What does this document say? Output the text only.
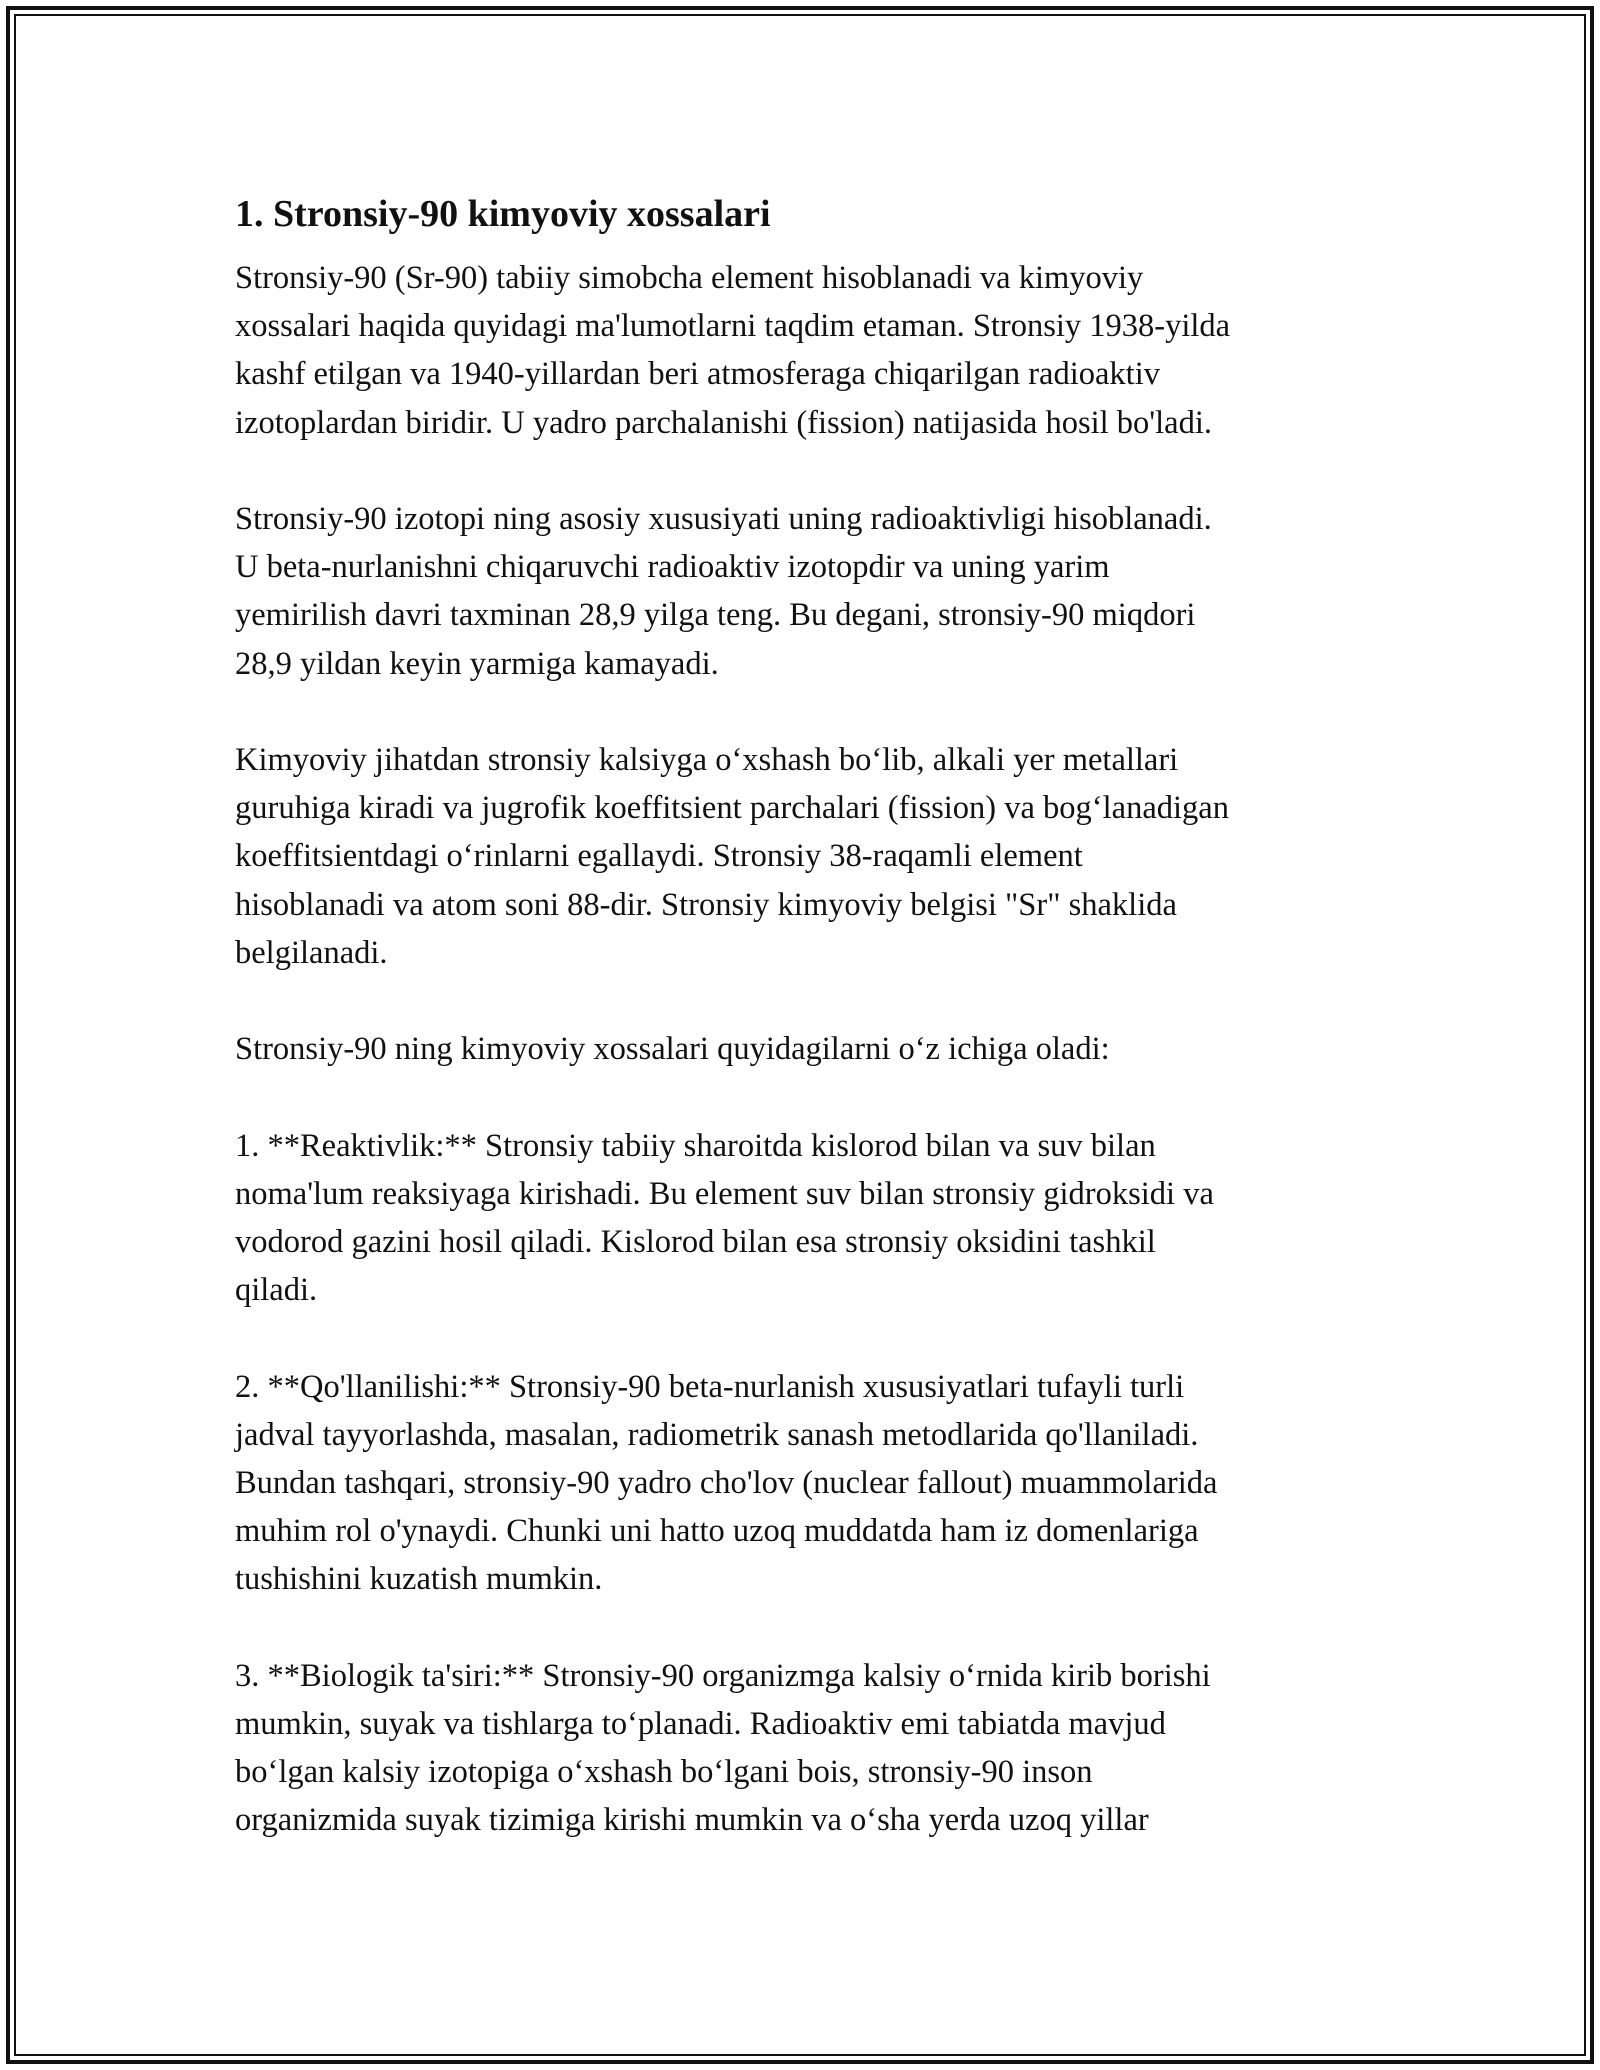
1. Stronsiy-90 kimyoviy xossalari
Stronsiy-90 (Sr-90) tabiiy simobcha element hisoblanadi va kimyoviy
xossalari haqida quyidagi ma'lumotlarni taqdim etaman. Stronsiy 1938-yilda
kashf etilgan va 1940-yillardan beri atmosferaga chiqarilgan radioaktiv
izotoplardan biridir. U yadro parchalanishi (fission) natijasida hosil bo'ladi.
Stronsiy-90 izotopi ning asosiy xususiyati uning radioaktivligi hisoblanadi.
U beta-nurlanishni chiqaruvchi radioaktiv izotopdir va uning yarim
yemirilish davri taxminan 28,9 yilga teng. Bu degani, stronsiy-90 miqdori
28,9 yildan keyin yarmiga kamayadi.
Kimyoviy jihatdan stronsiy kalsiyga o‘xshash bo‘lib, alkali yer metallari
guruhiga kiradi va jugrofik koeffitsient parchalari (fission) va bog‘lanadigan
koeffitsientdagi o‘rinlarni egallaydi. Stronsiy 38-raqamli element
hisoblanadi va atom soni 88-dir. Stronsiy kimyoviy belgisi "Sr" shaklida
belgilanadi.
Stronsiy-90 ning kimyoviy xossalari quyidagilarni o‘z ichiga oladi:
1. **Reaktivlik:** Stronsiy tabiiy sharoitda kislorod bilan va suv bilan
noma'lum reaksiyaga kirishadi. Bu element suv bilan stronsiy gidroksidi va
vodorod gazini hosil qiladi. Kislorod bilan esa stronsiy oksidini tashkil
qiladi.
2. **Qo'llanilishi:** Stronsiy-90 beta-nurlanish xususiyatlari tufayli turli
jadval tayyorlashda, masalan, radiometrik sanash metodlarida qo'llaniladi.
Bundan tashqari, stronsiy-90 yadro cho'lov (nuclear fallout) muammolarida
muhim rol o'ynaydi. Chunki uni hatto uzoq muddatda ham iz domenlariga
tushishini kuzatish mumkin.
3. **Biologik ta'siri:** Stronsiy-90 organizmga kalsiy o‘rnida kirib borishi
mumkin, suyak va tishlarga to‘planadi. Radioaktiv emi tabiatda mavjud
bo‘lgan kalsiy izotopiga o‘xshash bo‘lgani bois, stronsiy-90 inson
organizmida suyak tizimiga kirishi mumkin va o‘sha yerda uzoq yillar
